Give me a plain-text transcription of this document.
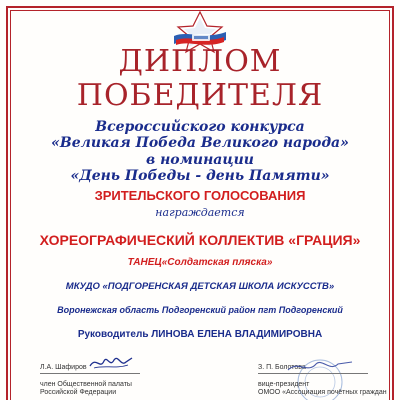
ДИПЛОМ
ПОБЕДИТЕЛЯ
Всероссийского конкурса
«Великая Победа Великого народа»
в номинации
«День Победы - день Памяти»
ЗРИТЕЛЬСКОГО ГОЛОСОВАНИЯ
награждается
ХОРЕОГРАФИЧЕСКИЙ КОЛЛЕКТИВ «ГРАЦИЯ»
ТАНЕЦ«Солдатская пляска»
МКУДО «ПОДГОРЕНСКАЯ ДЕТСКАЯ ШКОЛА ИСКУССТВ»
Воронежская область Подгоренский район пгт Подгоренский
Руководитель ЛИНОВА ЕЛЕНА ВЛАДИМИРОВНА
Л.А. Шафиров
член Общественной палаты
Российской Федерации
З. П. Болотова
вице-президент
ОМОО «Ассоциация почётных граждан
